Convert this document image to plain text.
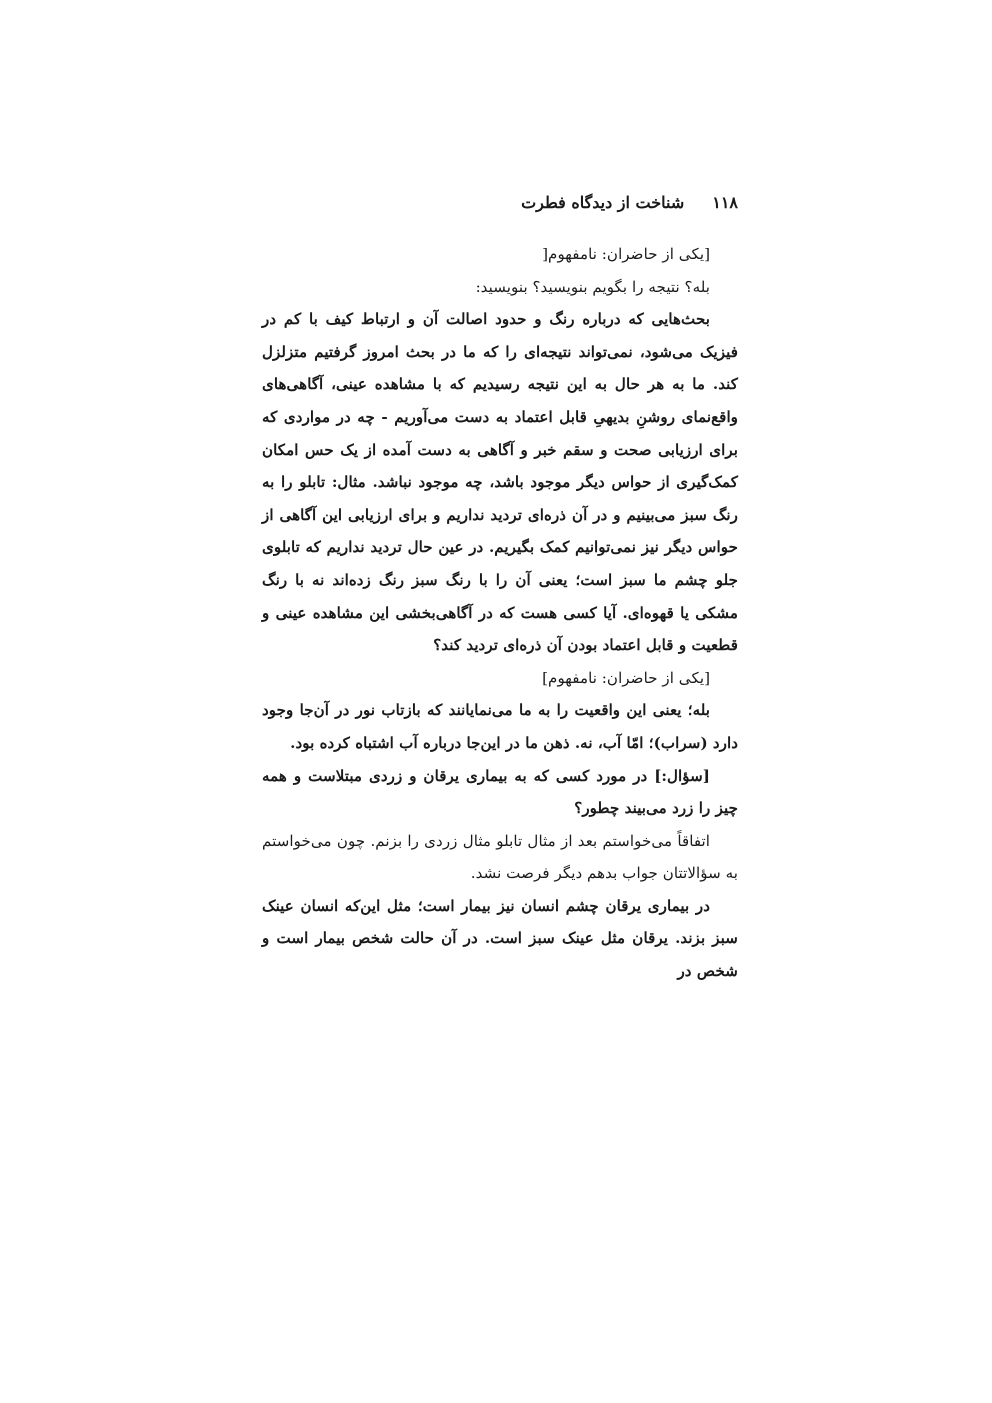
۱۱۸
شناخت از دیدگاه فطرت

[یکی از حاضران: نامفهوم[

بله؟ نتیجه را بگویم بنویسید؟ بنویسید:

بحث‌هایی که درباره رنگ و حدود اصالت آن و ارتباط کیف با کم در فیزیک می‌شود، نمی‌تواند نتیجه‌ای را که ما در بحث امروز گرفتیم متزلزل کند. ما به هر حال به این نتیجه رسیدیم که با مشاهده عینی، آگاهی‌های واقع‌نمای روشنِ بدیهیِ قابل اعتماد به دست می‌آوریم - چه در مواردی که برای ارزیابی صحت و سقم خبر و آگاهی به دست آمده از یک حس امکان کمک‌گیری از حواس دیگر موجود باشد، چه موجود نباشد. مثال: تابلو را به رنگ سبز می‌بینیم و در آن ذره‌ای تردید نداریم و برای ارزیابی این آگاهی از حواس دیگر نیز نمی‌توانیم کمک بگیریم. در عین حال تردید نداریم که تابلوی جلو چشم ما سبز است؛ یعنی آن را با رنگ سبز رنگ زده‌اند نه با رنگ مشکی یا قهوه‌ای. آیا کسی هست که در آگاهی‌بخشی این مشاهده عینی و قطعیت و قابل اعتماد بودن آن ذره‌ای تردید کند؟

[یکی از حاضران: نامفهوم]

بله؛ یعنی این واقعیت را به ما می‌نمایانند که بازتاب نور در آن‌جا وجود دارد (سراب)؛ امّا آب، نه. ذهن ما در این‌جا درباره آب اشتباه کرده بود.

[سؤال:] در مورد کسی که به بیماری یرقان و زردی مبتلاست و همه چیز را زرد می‌بیند چطور؟

اتفاقاً می‌خواستم بعد از مثال تابلو مثال زردی را بزنم. چون می‌خواستم به سؤالاتتان جواب بدهم دیگر فرصت نشد.

در بیماری یرقان چشم انسان نیز بیمار است؛ مثل این‌که انسان عینک سبز بزند. یرقان مثل عینک سبز است. در آن حالت شخص بیمار است و شخص در
